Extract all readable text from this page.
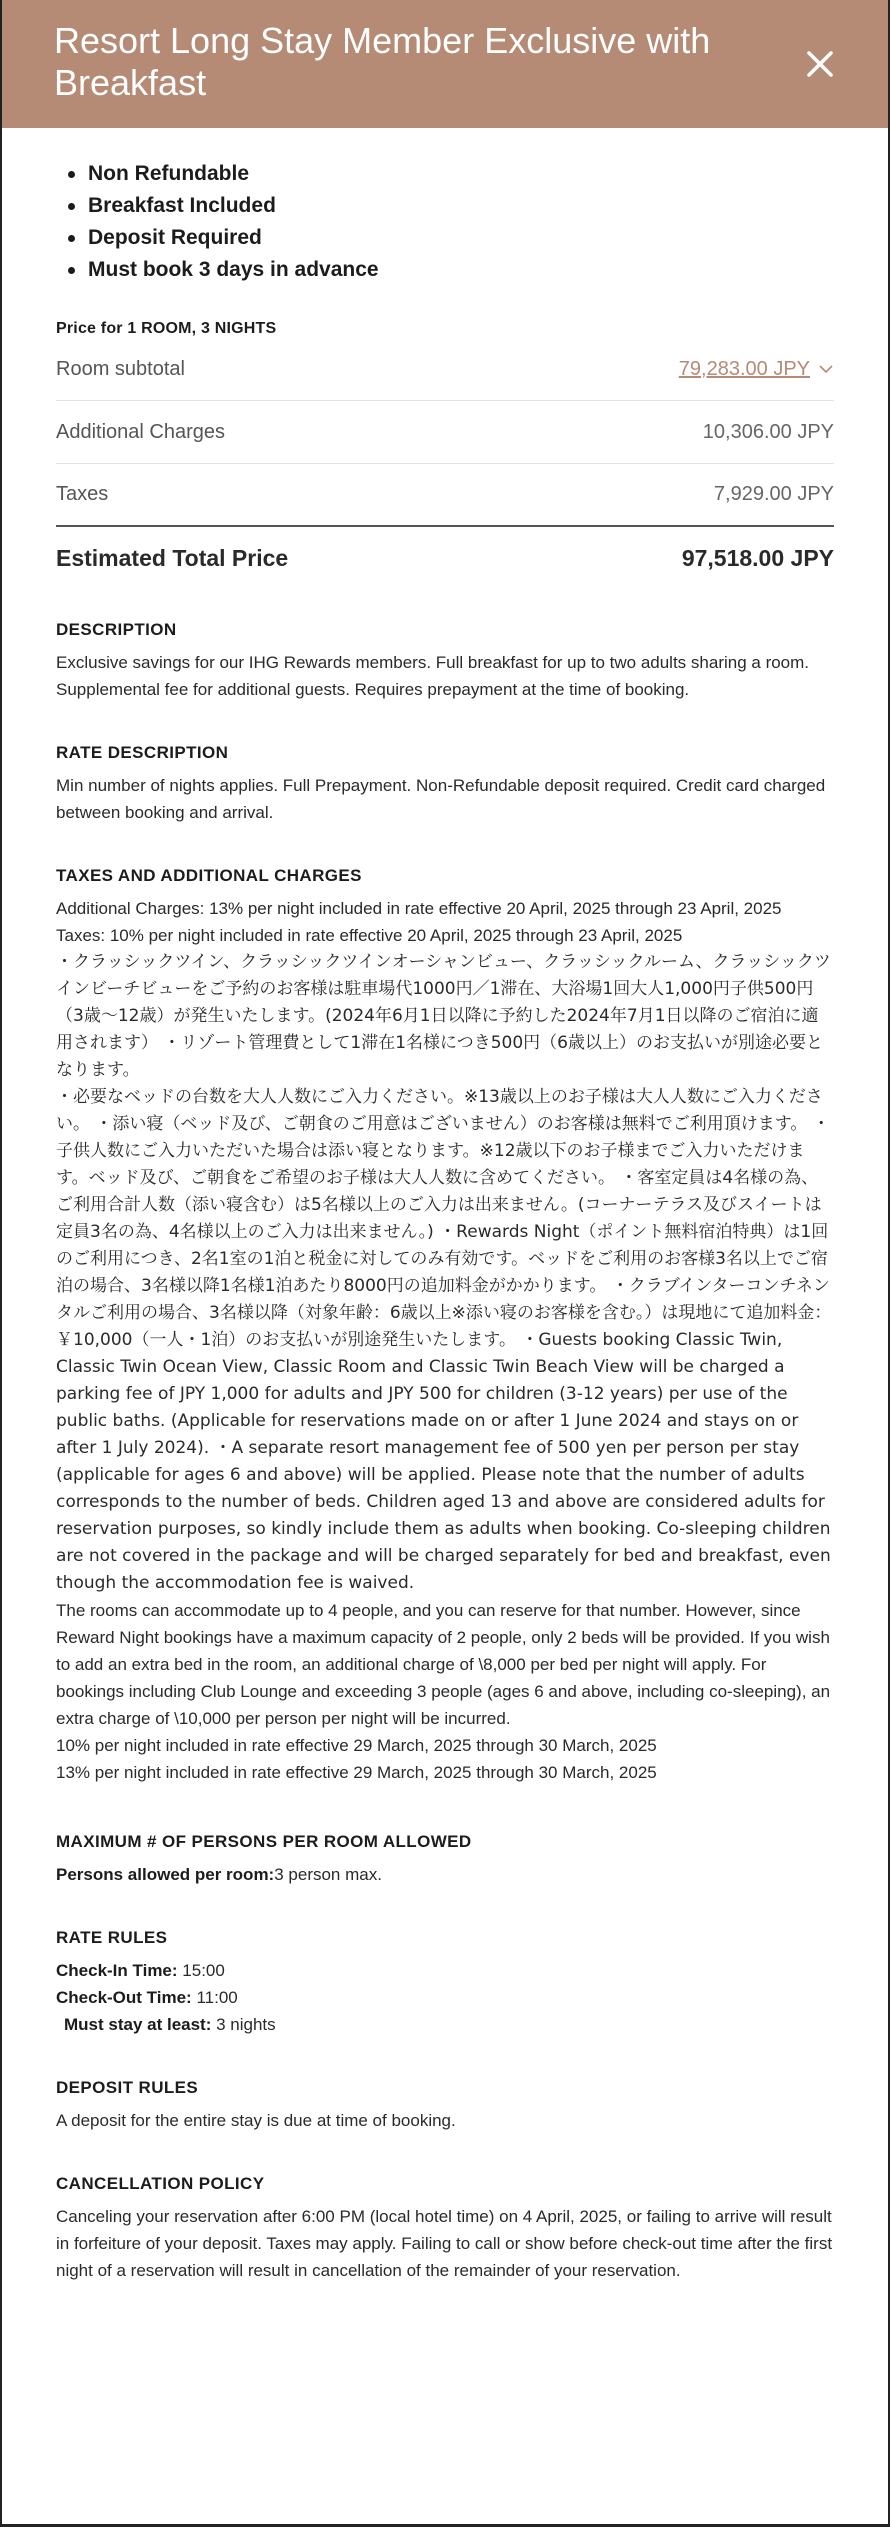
Resort Long Stay Member Exclusive with Breakfast
Non Refundable
Breakfast Included
Deposit Required
Must book 3 days in advance
Price for 1 ROOM, 3 NIGHTS
Room subtotal	79,283.00 JPY
Additional Charges	10,306.00 JPY
Taxes	7,929.00 JPY
Estimated Total Price	97,518.00 JPY
DESCRIPTION

Exclusive savings for our IHG Rewards members. Full breakfast for up to two adults sharing a room. Supplemental fee for additional guests. Requires prepayment at the time of booking.

RATE DESCRIPTION

Min number of nights applies. Full Prepayment. Non-Refundable deposit required. Credit card charged between booking and arrival.

TAXES AND ADDITIONAL CHARGES

Additional Charges: 13% per night included in rate effective 20 April, 2025 through 23 April, 2025

Taxes: 10% per night included in rate effective 20 April, 2025 through 23 April, 2025

・クラッシックツイン、クラッシックツインオーシャンビュー、クラッシックルーム、クラッシックツインビーチビューをご予約のお客様は駐車場代1000円／1滞在、大浴場1回大人1,000円子供500円（3歳〜12歳）が発生いたします。(2024年6月1日以降に予約した2024年7月1日以降のご宿泊に適用されます） ・リゾート管理費として1滞在1名様につき500円（6歳以上）のお支払いが別途必要となります。

・必要なベッドの台数を大人人数にご入力ください。※13歳以上のお子様は大人人数にご入力ください。 ・添い寝（ベッド及び、ご朝食のご用意はございません）のお客様は無料でご利用頂けます。 ・子供人数にご入力いただいた場合は添い寝となります。※12歳以下のお子様までご入力いただけます。ベッド及び、ご朝食をご希望のお子様は大人人数に含めてください。 ・客室定員は4名様の為、ご利用合計人数（添い寝含む）は5名様以上のご入力は出来ません。(コーナーテラス及びスイートは定員3名の為、4名様以上のご入力は出来ません。) ・Rewards Night（ポイント無料宿泊特典）は1回のご利用につき、2名1室の1泊と税金に対してのみ有効です。ベッドをご利用のお客様3名以上でご宿泊の場合、3名様以降1名様1泊あたり8000円の追加料金がかかります。 ・クラブインターコンチネンタルご利用の場合、3名様以降（対象年齢：6歳以上※添い寝のお客様を含む。）は現地にて追加料金：￥10,000（一人・1泊）のお支払いが別途発生いたします。 ・Guests booking Classic Twin, Classic Twin Ocean View, Classic Room and Classic Twin Beach View will be charged a parking fee of JPY 1,000 for adults and JPY 500 for children (3-12 years) per use of the public baths. (Applicable for reservations made on or after 1 June 2024 and stays on or after 1 July 2024). ・A separate resort management fee of 500 yen per person per stay (applicable for ages 6 and above) will be applied. Please note that the number of adults corresponds to the number of beds. Children aged 13 and above are considered adults for reservation purposes, so kindly include them as adults when booking. Co-sleeping children are not covered in the package and will be charged separately for bed and breakfast, even though the accommodation fee is waived.

The rooms can accommodate up to 4 people, and you can reserve for that number. However, since Reward Night bookings have a maximum capacity of 2 people, only 2 beds will be provided. If you wish to add an extra bed in the room, an additional charge of \8,000 per bed per night will apply. For bookings including Club Lounge and exceeding 3 people (ages 6 and above, including co-sleeping), an extra charge of \10,000 per person per night will be incurred.

10% per night included in rate effective 29 March, 2025 through 30 March, 2025

13% per night included in rate effective 29 March, 2025 through 30 March, 2025

MAXIMUM # OF PERSONS PER ROOM ALLOWED
Persons allowed per room:3 person max.
RATE RULES
Check-In Time: 15:00
Check-Out Time: 11:00
Must stay at least: 3 nights
DEPOSIT RULES

A deposit for the entire stay is due at time of booking.

CANCELLATION POLICY

Canceling your reservation after 6:00 PM (local hotel time) on 4 April, 2025, or failing to arrive will result in forfeiture of your deposit. Taxes may apply. Failing to call or show before check-out time after the first night of a reservation will result in cancellation of the remainder of your reservation.
